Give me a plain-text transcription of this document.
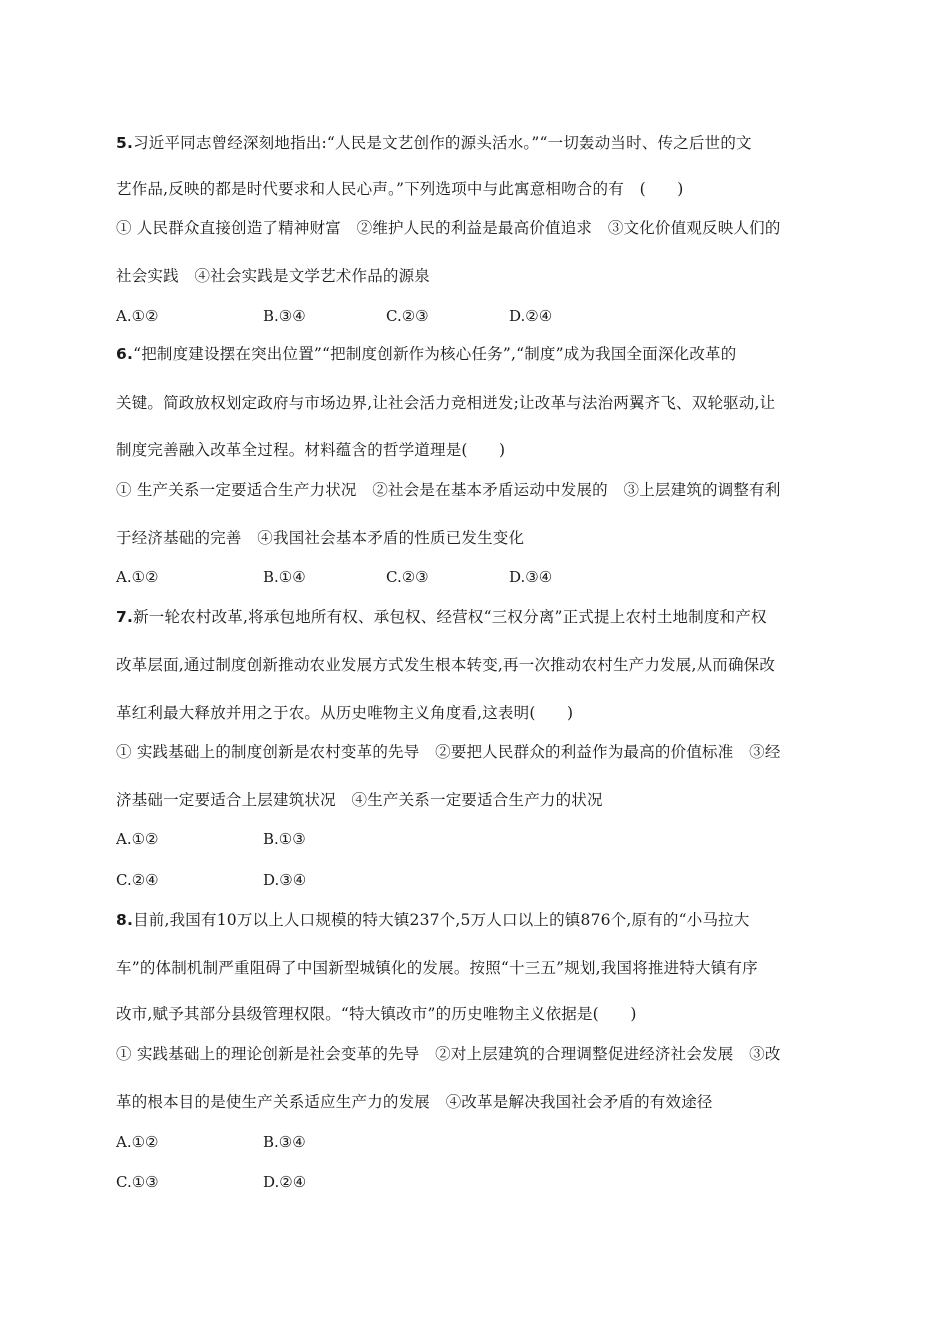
5.习近平同志曾经深刻地指出:“人民是文艺创作的源头活水。”“一切轰动当时、传之后世的文
艺作品,反映的都是时代要求和人民心声。”下列选项中与此寓意相吻合的有　(　　)
① 人民群众直接创造了精神财富　②维护人民的利益是最高价值追求　③文化价值观反映人们的
社会实践　④社会实践是文学艺术作品的源泉
A.①②	B.③④	C.②③	D.②④
6.“把制度建设摆在突出位置”“把制度创新作为核心任务”,“制度”成为我国全面深化改革的
关键。简政放权划定政府与市场边界,让社会活力竞相迸发;让改革与法治两翼齐飞、双轮驱动,让
制度完善融入改革全过程。材料蕴含的哲学道理是(　　)
① 生产关系一定要适合生产力状况　②社会是在基本矛盾运动中发展的　③上层建筑的调整有利
于经济基础的完善　④我国社会基本矛盾的性质已发生变化
A.①②	B.①④	C.②③	D.③④
7.新一轮农村改革,将承包地所有权、承包权、经营权“三权分离”正式提上农村土地制度和产权
改革层面,通过制度创新推动农业发展方式发生根本转变,再一次推动农村生产力发展,从而确保改
革红利最大释放并用之于农。从历史唯物主义角度看,这表明(　　)
① 实践基础上的制度创新是农村变革的先导　②要把人民群众的利益作为最高的价值标准　③经
济基础一定要适合上层建筑状况　④生产关系一定要适合生产力的状况
A.①②	B.①③
C.②④	D.③④
8.目前,我国有10万以上人口规模的特大镇237个,5万人口以上的镇876个,原有的“小马拉大
车”的体制机制严重阻碍了中国新型城镇化的发展。按照“十三五”规划,我国将推进特大镇有序
改市,赋予其部分县级管理权限。“特大镇改市”的历史唯物主义依据是(　　)
① 实践基础上的理论创新是社会变革的先导　②对上层建筑的合理调整促进经济社会发展　③改
革的根本目的是使生产关系适应生产力的发展　④改革是解决我国社会矛盾的有效途径
A.①②	B.③④
C.①③	D.②④
